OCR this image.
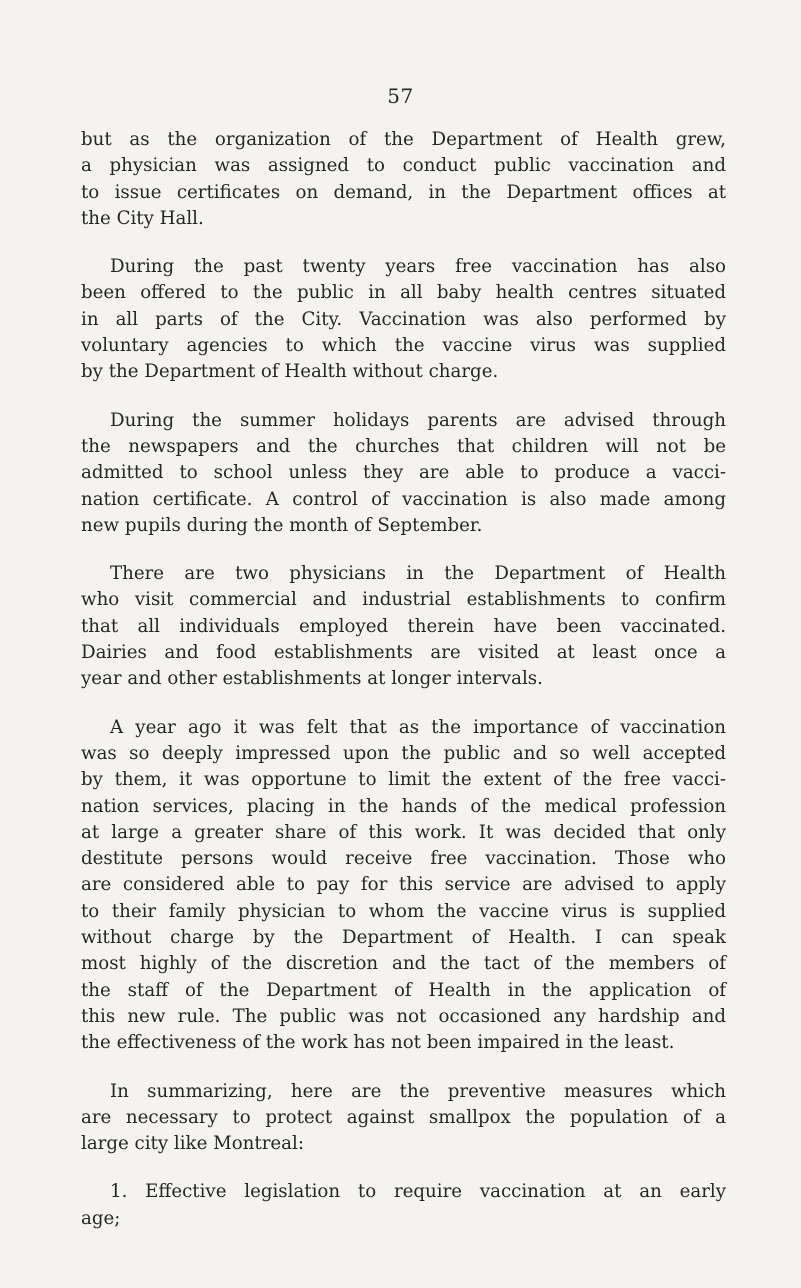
57

but as the organization of the Department of Health grew,
a physician was assigned to conduct public vaccination and
to issue certificates on demand, in the Department offices at
the City Hall.

During the past twenty years free vaccination has also
been offered to the public in all baby health centres situated
in all parts of the City. Vaccination was also performed by
voluntary agencies to which the vaccine virus was supplied
by the Department of Health without charge.

During the summer holidays parents are advised through
the newspapers and the churches that children will not be
admitted to school unless they are able to produce a vacci-
nation certificate. A control of vaccination is also made among
new pupils during the month of September.

There are two physicians in the Department of Health
who visit commercial and industrial establishments to confirm
that all individuals employed therein have been vaccinated.
Dairies and food establishments are visited at least once a
year and other establishments at longer intervals.

A year ago it was felt that as the importance of vaccination
was so deeply impressed upon the public and so well accepted
by them, it was opportune to limit the extent of the free vacci-
nation services, placing in the hands of the medical profession
at large a greater share of this work. It was decided that only
destitute persons would receive free vaccination. Those who
are considered able to pay for this service are advised to apply
to their family physician to whom the vaccine virus is supplied
without charge by the Department of Health. I can speak
most highly of the discretion and the tact of the members of
the staff of the Department of Health in the application of
this new rule. The public was not occasioned any hardship and
the effectiveness of the work has not been impaired in the least.

In summarizing, here are the preventive measures which
are necessary to protect against smallpox the population of a
large city like Montreal:

1. Effective legislation to require vaccination at an early
age;
